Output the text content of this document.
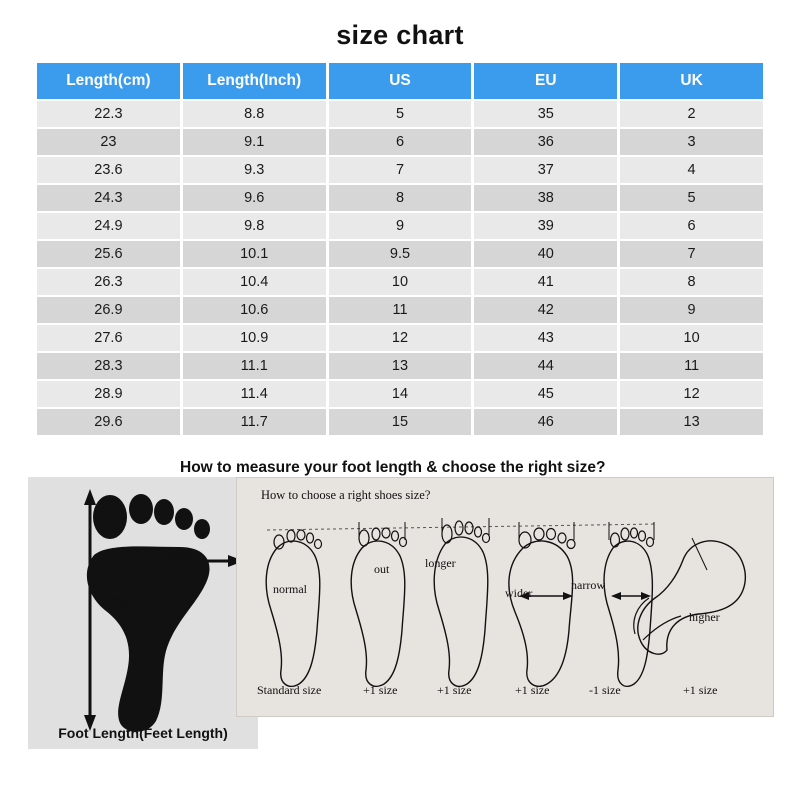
size chart
Length(cm)	Length(Inch)	US	EU	UK
22.3	8.8	5	35	2
23	9.1	6	36	3
23.6	9.3	7	37	4
24.3	9.6	8	38	5
24.9	9.8	9	39	6
25.6	10.1	9.5	40	7
26.3	10.4	10	41	8
26.9	10.6	11	42	9
27.6	10.9	12	43	10
28.3	11.1	13	44	11
28.9	11.4	14	45	12
29.6	11.7	15	46	13
How to measure your foot length & choose the right size?
Width
Length
Foot Length(Feet Length)
How to choose a right shoes size?
normal
out	longer
wider
narrow
higher
Standard size	+1 size	+1 size	+1 size	-1 size	+1 size
